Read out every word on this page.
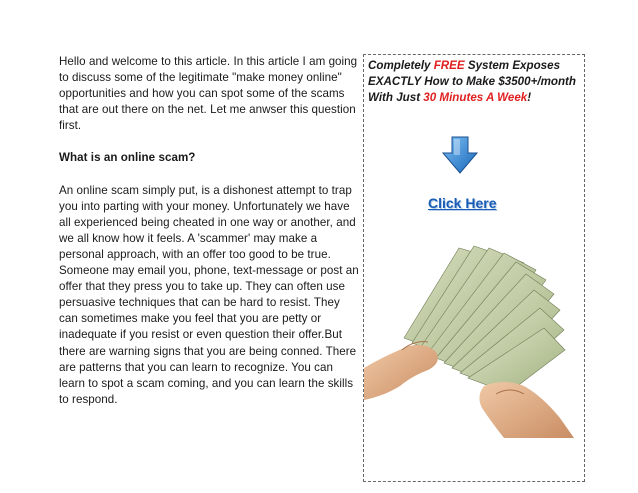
Hello and welcome to this article. In this article I am going to discuss some of the legitimate "make money online" opportunities and how you can spot some of the scams that are out there on the net. Let me anwser this question first.

What is an online scam?

An online scam simply put, is a dishonest attempt to trap you into parting with your money. Unfortunately we have all experienced being cheated in one way or another, and we all know how it feels. A 'scammer' may make a personal approach, with an offer too good to be true. Someone may email you, phone, text-message or post an offer that they press you to take up. They can often use persuasive techniques that can be hard to resist. They can sometimes make you feel that you are petty or inadequate if you resist or even question their offer.But there are warning signs that you are being conned. There are patterns that you can learn to recognize. You can learn to spot a scam coming, and you can learn the skills to respond.

Completely FREE System Exposes
EXACTLY How to Make $3500+/month
With Just 30 Minutes A Week!
Click Here
